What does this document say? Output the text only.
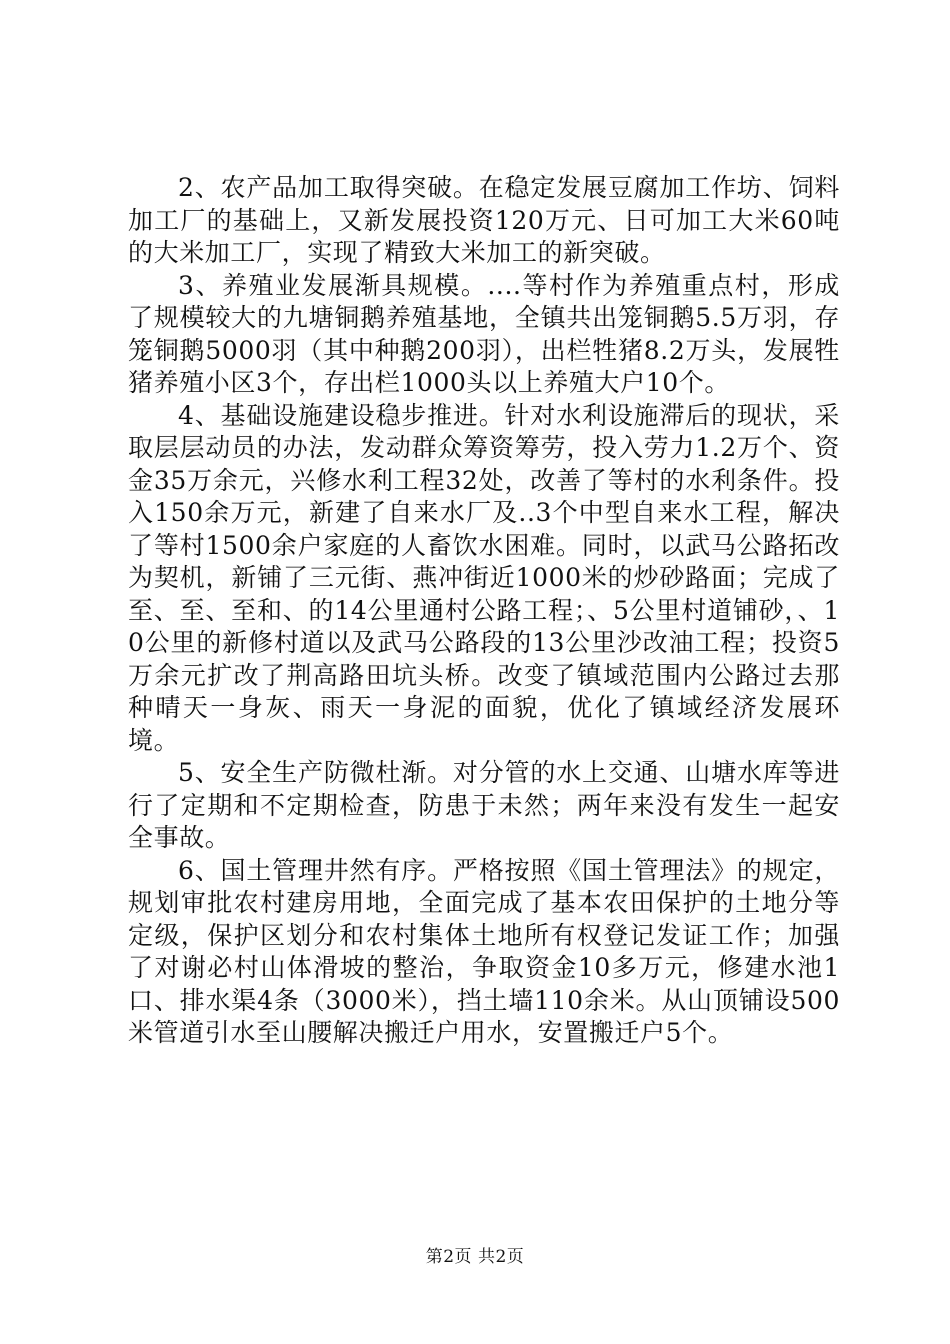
2、农产品加工取得突破。在稳定发展豆腐加工作坊、饲料加工厂的基础上，又新发展投资120万元、日可加工大米60吨的大米加工厂，实现了精致大米加工的新突破。

3、养殖业发展渐具规模。....等村作为养殖重点村，形成了规模较大的九塘铜鹅养殖基地，全镇共出笼铜鹅5.5万羽，存笼铜鹅5000羽（其中种鹅200羽），出栏牲猪8.2万头，发展牲猪养殖小区3个，存出栏1000头以上养殖大户10个。

4、基础设施建设稳步推进。针对水利设施滞后的现状，采取层层动员的办法，发动群众筹资筹劳，投入劳力1.2万个、资金35万余元，兴修水利工程32处，改善了等村的水利条件。投入150余万元，新建了自来水厂及..3个中型自来水工程，解决了等村1500余户家庭的人畜饮水困难。同时，以武马公路拓改为契机，新铺了三元街、燕冲街近1000米的炒砂路面；完成了至、至、至和、的14公里通村公路工程；、5公里村道铺砂，、10公里的新修村道以及武马公路段的13公里沙改油工程；投资5万余元扩改了荆高路田坑头桥。改变了镇域范围内公路过去那种晴天一身灰、雨天一身泥的面貌，优化了镇域经济发展环境。

5、安全生产防微杜渐。对分管的水上交通、山塘水库等进行了定期和不定期检查，防患于未然；两年来没有发生一起安全事故。

6、国土管理井然有序。严格按照《国土管理法》的规定，规划审批农村建房用地，全面完成了基本农田保护的土地分等定级，保护区划分和农村集体土地所有权登记发证工作；加强了对谢必村山体滑坡的整治，争取资金10多万元，修建水池1口、排水渠4条（3000米），挡土墙110余米。从山顶铺设500米管道引水至山腰解决搬迁户用水，安置搬迁户5个。

第2页 共2页
